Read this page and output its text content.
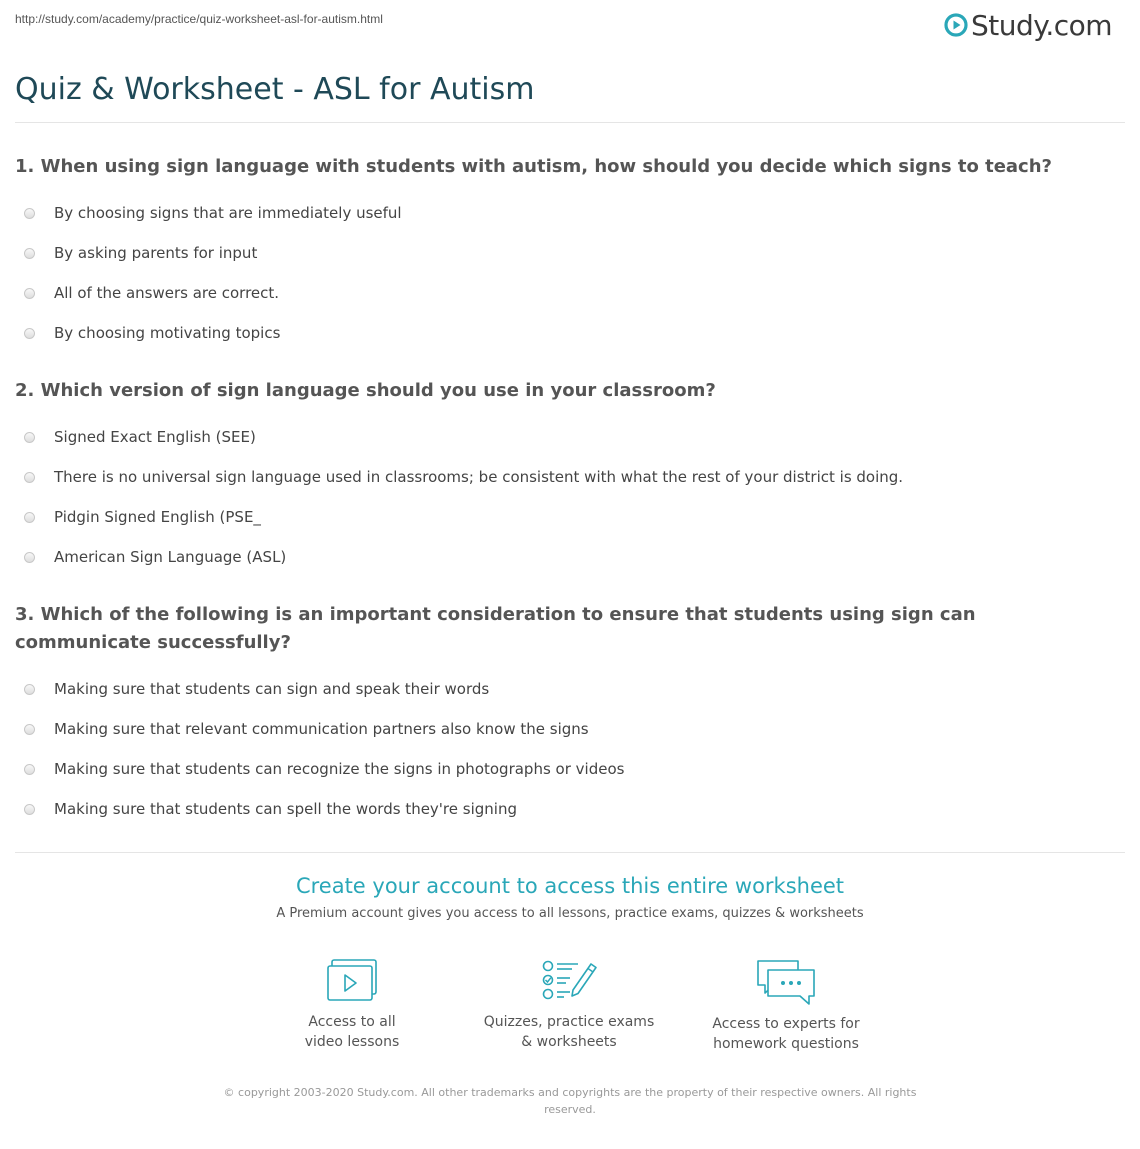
http://study.com/academy/practice/quiz-worksheet-asl-for-autism.html	Study.com
Quiz & Worksheet - ASL for Autism
1. When using sign language with students with autism, how should you decide which signs to teach?
By choosing signs that are immediately useful
By asking parents for input
All of the answers are correct.
By choosing motivating topics
2. Which version of sign language should you use in your classroom?
Signed Exact English (SEE)
There is no universal sign language used in classrooms; be consistent with what the rest of your district is doing.
Pidgin Signed English (PSE_
American Sign Language (ASL)
3. Which of the following is an important consideration to ensure that students using sign can communicate successfully?
Making sure that students can sign and speak their words
Making sure that relevant communication partners also know the signs
Making sure that students can recognize the signs in photographs or videos
Making sure that students can spell the words they're signing
Create your account to access this entire worksheet

A Premium account gives you access to all lessons, practice exams, quizzes & worksheets

Access to all
video lessons
Quizzes, practice exams
& worksheets
Access to experts for
homework questions
© copyright 2003-2020 Study.com. All other trademarks and copyrights are the property of their respective owners. All rights reserved.
